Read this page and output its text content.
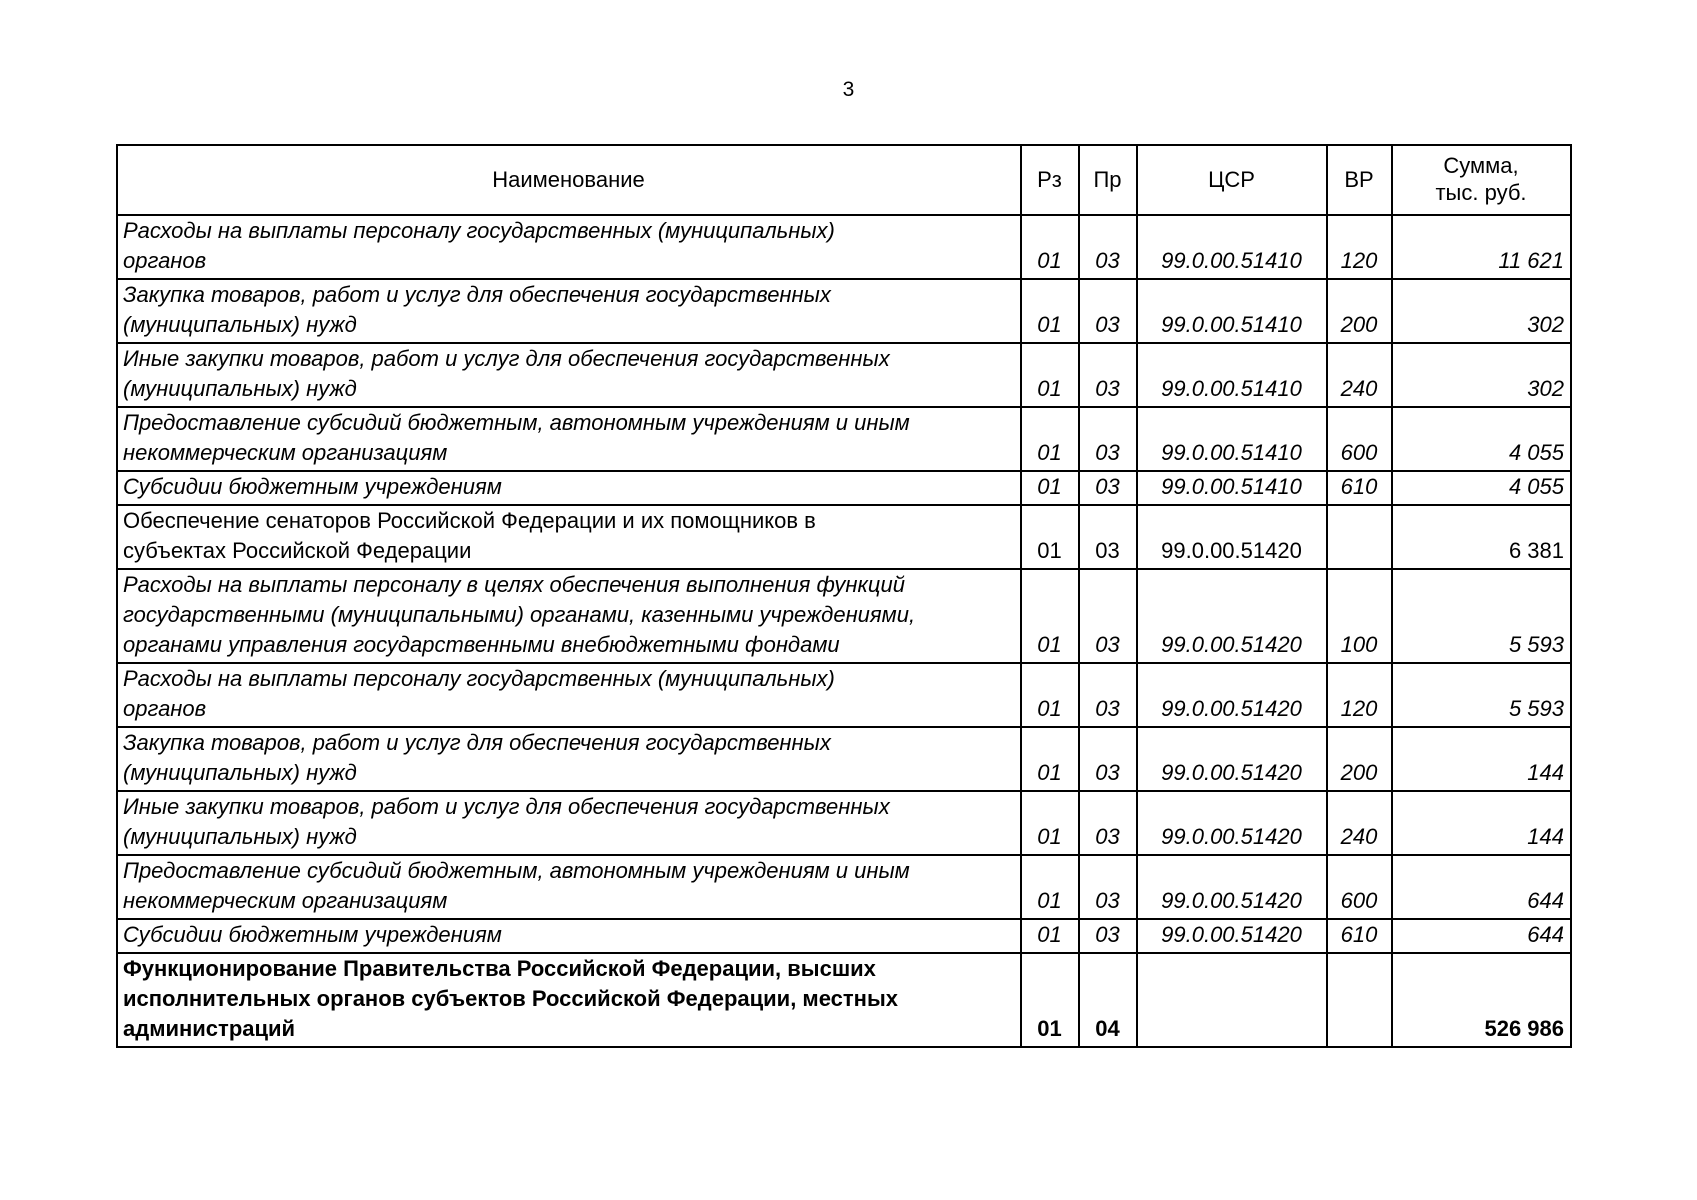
3
Наименование	Рз	Пр	ЦСР	ВР	Сумма,
тыс. руб.
Расходы на выплаты персоналу государственных (муниципальных)
органов	01	03	99.0.00.51410	120	11 621
Закупка товаров, работ и услуг для обеспечения государственных
(муниципальных) нужд	01	03	99.0.00.51410	200	302
Иные закупки товаров, работ и услуг для обеспечения государственных
(муниципальных) нужд	01	03	99.0.00.51410	240	302
Предоставление субсидий бюджетным, автономным учреждениям и иным
некоммерческим организациям	01	03	99.0.00.51410	600	4 055
Субсидии бюджетным учреждениям	01	03	99.0.00.51410	610	4 055
Обеспечение сенаторов Российской Федерации и их помощников в
субъектах Российской Федерации	01	03	99.0.00.51420		6 381
Расходы на выплаты персоналу в целях обеспечения выполнения функций
государственными (муниципальными) органами, казенными учреждениями,
органами управления государственными внебюджетными фондами	01	03	99.0.00.51420	100	5 593
Расходы на выплаты персоналу государственных (муниципальных)
органов	01	03	99.0.00.51420	120	5 593
Закупка товаров, работ и услуг для обеспечения государственных
(муниципальных) нужд	01	03	99.0.00.51420	200	144
Иные закупки товаров, работ и услуг для обеспечения государственных
(муниципальных) нужд	01	03	99.0.00.51420	240	144
Предоставление субсидий бюджетным, автономным учреждениям и иным
некоммерческим организациям	01	03	99.0.00.51420	600	644
Субсидии бюджетным учреждениям	01	03	99.0.00.51420	610	644
Функционирование Правительства Российской Федерации, высших
исполнительных органов субъектов Российской Федерации, местных
администраций	01	04			526 986
